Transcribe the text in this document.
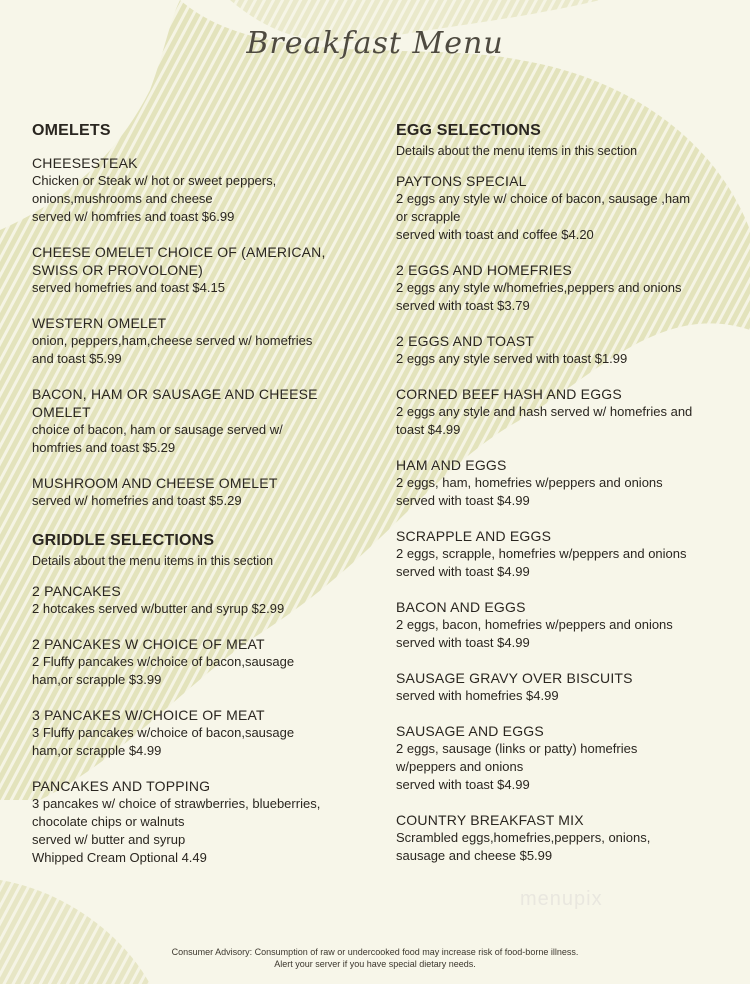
Breakfast Menu
OMELETS
CHEESESTEAK
Chicken or Steak w/ hot or sweet peppers,
onions,mushrooms and cheese
served w/ homfries and toast $6.99
CHEESE OMELET CHOICE OF (AMERICAN,
SWISS OR PROVOLONE)
served homefries and toast $4.15
WESTERN OMELET
onion, peppers,ham,cheese served w/ homefries
and toast $5.99
BACON, HAM OR SAUSAGE AND CHEESE
OMELET
choice of bacon, ham or sausage served w/
homfries and toast $5.29
MUSHROOM AND CHEESE OMELET
served w/ homefries and toast $5.29
GRIDDLE SELECTIONS

Details about the menu items in this section

2 PANCAKES
2 hotcakes served w/butter and syrup $2.99
2 PANCAKES W CHOICE OF MEAT
2 Fluffy pancakes w/choice of bacon,sausage
ham,or scrapple $3.99
3 PANCAKES W/CHOICE OF MEAT
3 Fluffy pancakes w/choice of bacon,sausage
ham,or scrapple $4.99
PANCAKES AND TOPPING
3 pancakes w/ choice of strawberries, blueberries,
chocolate chips or walnuts
served w/ butter and syrup
Whipped Cream Optional 4.49
EGG SELECTIONS

Details about the menu items in this section

PAYTONS SPECIAL
2 eggs any style w/ choice of bacon, sausage ,ham
or scrapple
served with toast and coffee $4.20
2 EGGS AND HOMEFRIES
2 eggs any style w/homefries,peppers and onions
served with toast $3.79
2 EGGS AND TOAST
2 eggs any style served with toast $1.99
CORNED BEEF HASH AND EGGS
2 eggs any style and hash served w/ homefries and
toast $4.99
HAM AND EGGS
2 eggs, ham, homefries w/peppers and onions
served with toast $4.99
SCRAPPLE AND EGGS
2 eggs, scrapple, homefries w/peppers and onions
served with toast $4.99
BACON AND EGGS
2 eggs, bacon, homefries w/peppers and onions
served with toast $4.99
SAUSAGE GRAVY OVER BISCUITS
served with homefries $4.99
SAUSAGE AND EGGS
2 eggs, sausage (links or patty) homefries
w/peppers and onions
served with toast $4.99
COUNTRY BREAKFAST MIX
Scrambled eggs,homefries,peppers, onions,
sausage and cheese $5.99
menupix
Consumer Advisory: Consumption of raw or undercooked food may increase risk of food-borne illness.
Alert your server if you have special dietary needs.
